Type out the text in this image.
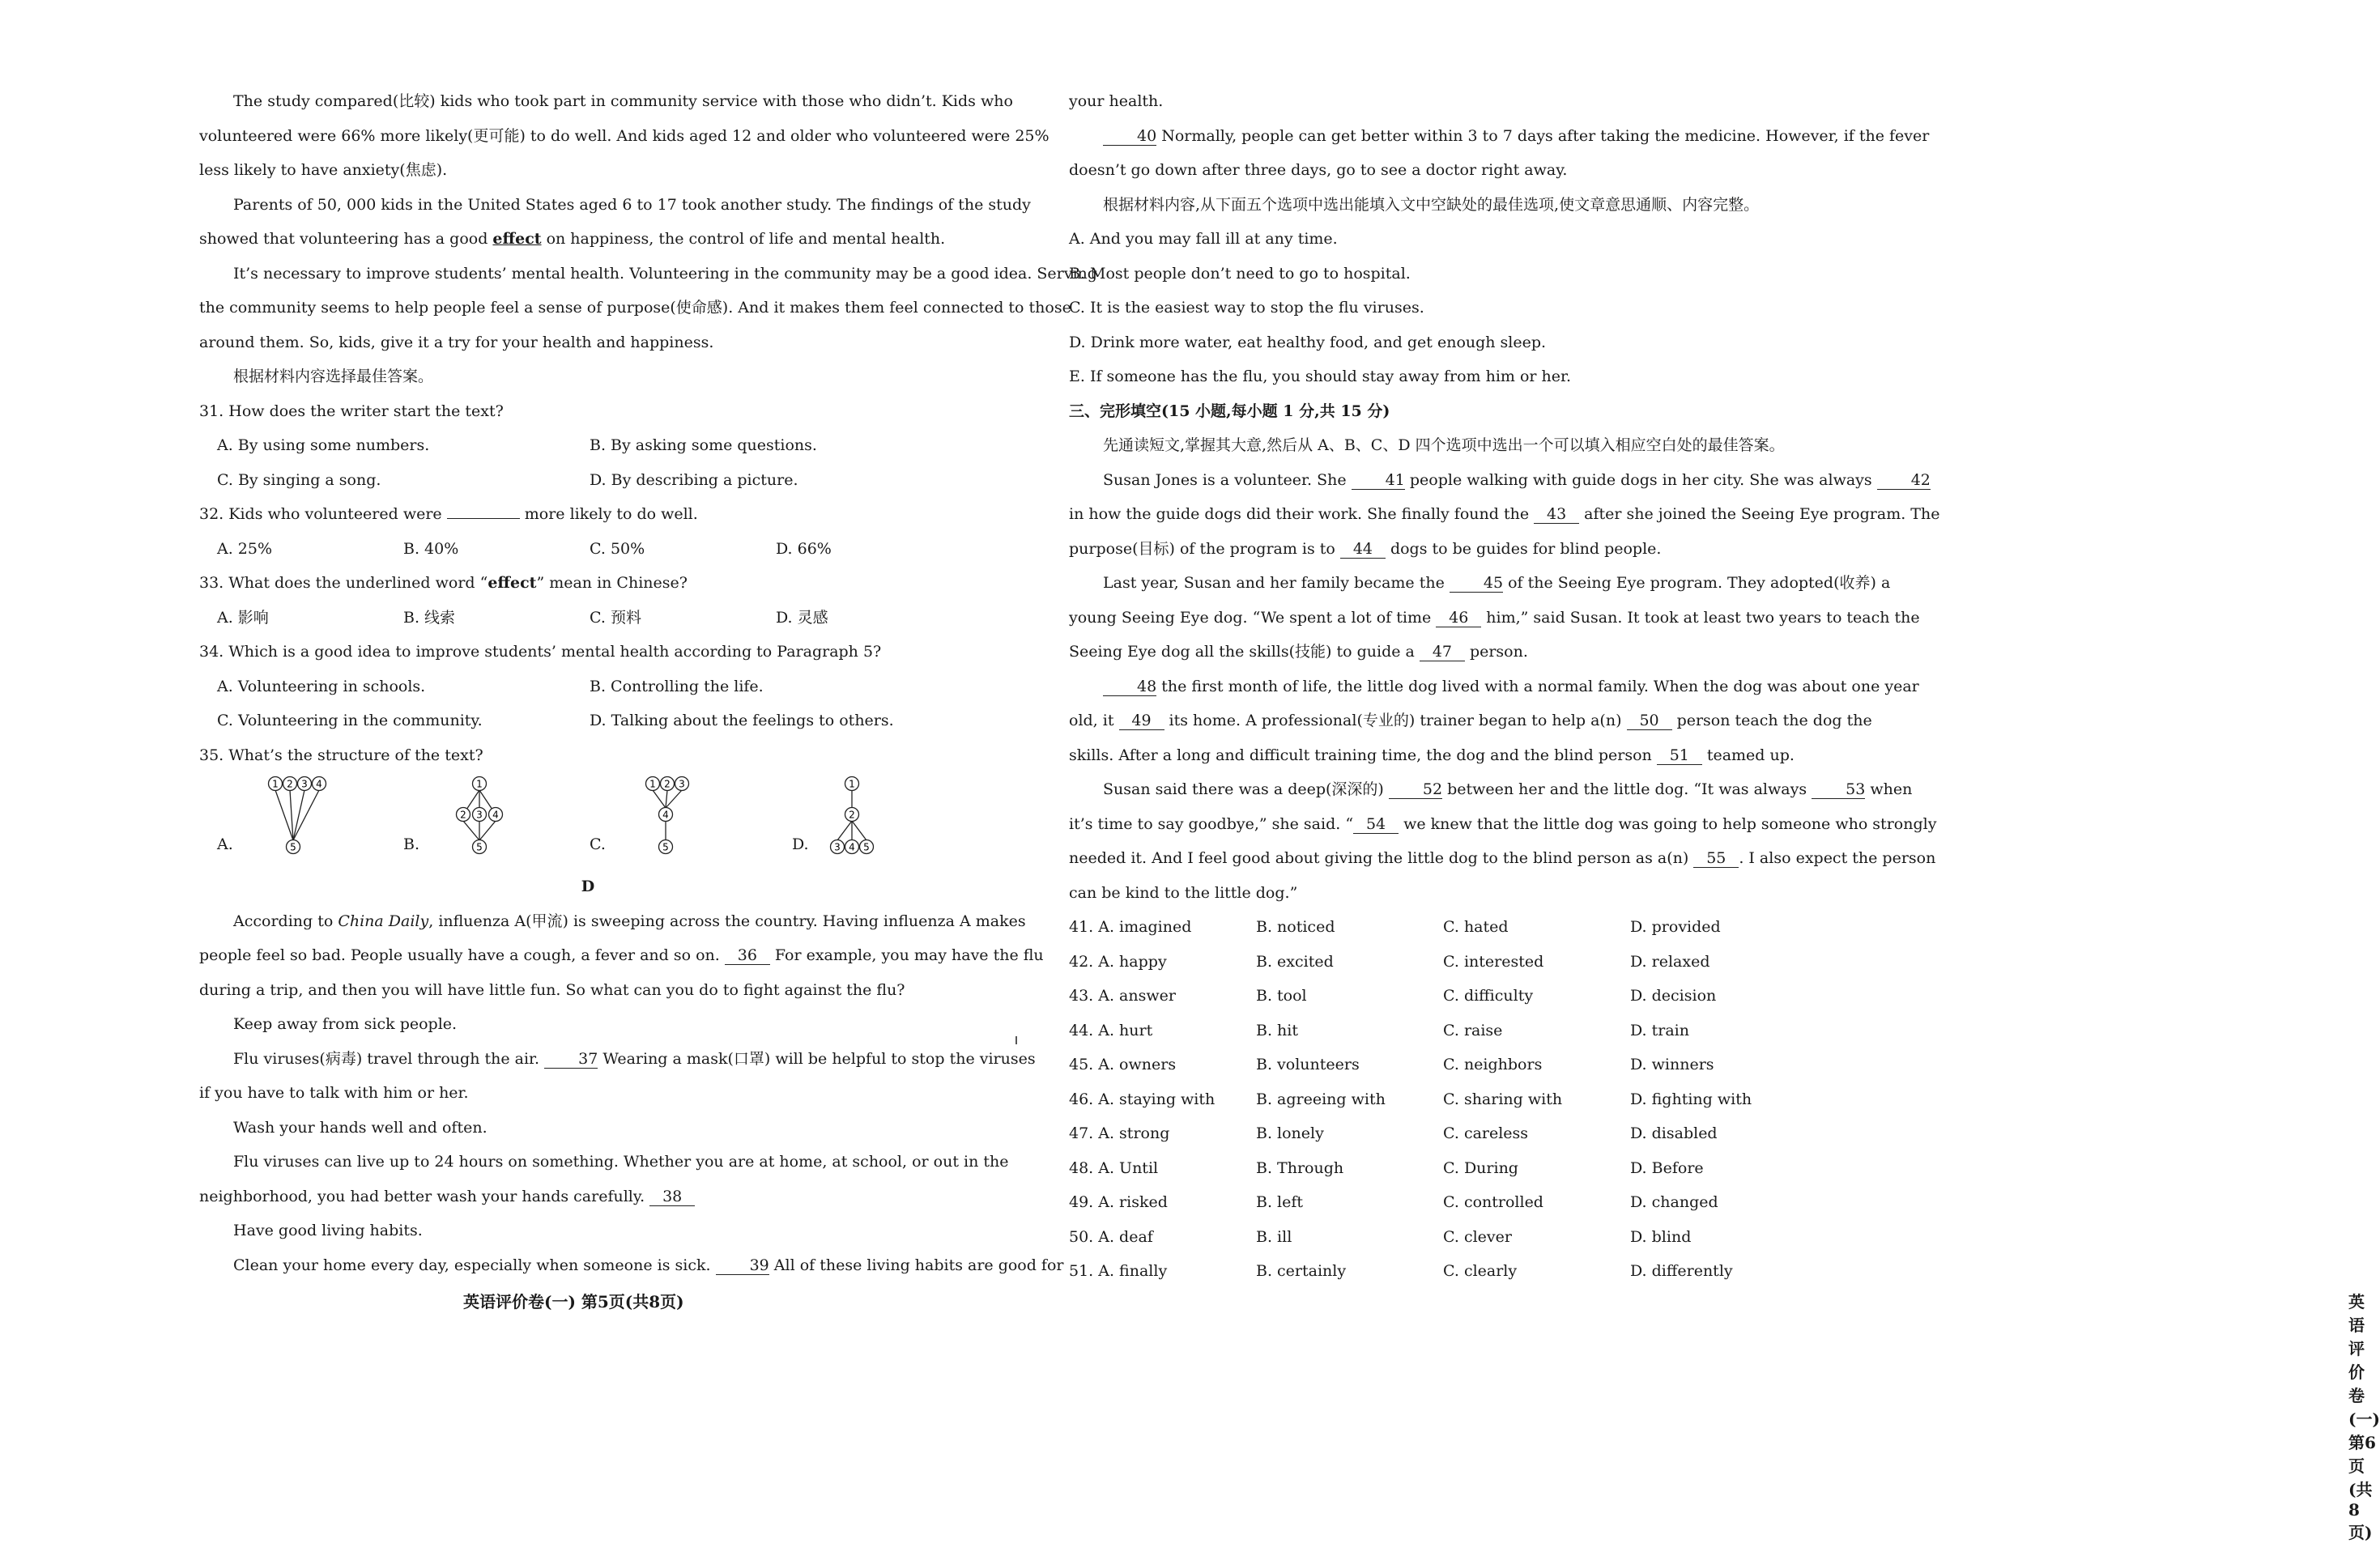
The study compared(比较) kids who took part in community service with those who didn’t. Kids who
volunteered were 66% more likely(更可能) to do well. And kids aged 12 and older who volunteered were 25%
less likely to have anxiety(焦虑).
Parents of 50, 000 kids in the United States aged 6 to 17 took another study. The findings of the study
showed that volunteering has a good effect on happiness, the control of life and mental health.
It’s necessary to improve students’ mental health. Volunteering in the community may be a good idea. Serving
the community seems to help people feel a sense of purpose(使命感). And it makes them feel connected to those
around them. So, kids, give it a try for your health and happiness.
根据材料内容选择最佳答案。
31. How does the writer start the text?
A. By using some numbers.	B. By asking some questions.
C. By singing a song.	D. By describing a picture.
32. Kids who volunteered were	more likely to do well.
A. 25%	B. 40%	C. 50%	D. 66%
33. What does the underlined word “effect” mean in Chinese?
A. 影响	B. 线索	C. 预料	D. 灵感
34. Which is a good idea to improve students’ mental health according to Paragraph 5?
A. Volunteering in schools.	B. Controlling the life.
C. Volunteering in the community.	D. Talking about the feelings to others.
35. What’s the structure of the text?
A.
1 2 3 4
5	B.
1
2 3 4
5	C.
1 2 3
4
5	D.
1
2
3 4 5
D
According to China Daily, influenza A(甲流) is sweeping across the country. Having influenza A makes
people feel so bad. People usually have a cough, a fever and so on. 36 For example, you may have the flu
during a trip, and then you will have little fun. So what can you do to fight against the flu?
Keep away from sick people.
Flu viruses(病毒) travel through the air. 37 Wearing a mask(口罩) will be helpful to stop the viruses
if you have to talk with him or her.
Wash your hands well and often.
Flu viruses can live up to 24 hours on something. Whether you are at home, at school, or out in the
neighborhood, you had better wash your hands carefully. 38
Have good living habits.
Clean your home every day, especially when someone is sick. 39 All of these living habits are good for
英语评价卷(一) 第5页(共8页)
your health.
40 Normally, people can get better within 3 to 7 days after taking the medicine. However, if the fever
doesn’t go down after three days, go to see a doctor right away.
根据材料内容,从下面五个选项中选出能填入文中空缺处的最佳选项,使文章意思通顺、内容完整。
A. And you may fall ill at any time.
B. Most people don’t need to go to hospital.
C. It is the easiest way to stop the flu viruses.
D. Drink more water, eat healthy food, and get enough sleep.
E. If someone has the flu, you should stay away from him or her.
三、完形填空(15 小题,每小题 1 分,共 15 分)
先通读短文,掌握其大意,然后从 A、B、C、D 四个选项中选出一个可以填入相应空白处的最佳答案。
Susan Jones is a volunteer. She 41 people walking with guide dogs in her city. She was always 42
in how the guide dogs did their work. She finally found the 43 after she joined the Seeing Eye program. The
purpose(目标) of the program is to 44 dogs to be guides for blind people.
Last year, Susan and her family became the 45 of the Seeing Eye program. They adopted(收养) a
young Seeing Eye dog. “We spent a lot of time 46 him,” said Susan. It took at least two years to teach the
Seeing Eye dog all the skills(技能) to guide a 47 person.
48 the first month of life, the little dog lived with a normal family. When the dog was about one year
old, it 49 its home. A professional(专业的) trainer began to help a(n) 50 person teach the dog the
skills. After a long and difficult training time, the dog and the blind person 51 teamed up.
Susan said there was a deep(深深的) 52 between her and the little dog. “It was always 53 when
it’s time to say goodbye,” she said. “ 54 we knew that the little dog was going to help someone who strongly
needed it. And I feel good about giving the little dog to the blind person as a(n) 55 . I also expect the person
can be kind to the little dog.”
41. A. imagined	B. noticed	C. hated	D. provided
42. A. happy	B. excited	C. interested	D. relaxed
43. A. answer	B. tool	C. difficulty	D. decision
44. A. hurt	B. hit	C. raise	D. train
45. A. owners	B. volunteers	C. neighbors	D. winners
46. A. staying with	B. agreeing with	C. sharing with	D. fighting with
47. A. strong	B. lonely	C. careless	D. disabled
48. A. Until	B. Through	C. During	D. Before
49. A. risked	B. left	C. controlled	D. changed
50. A. deaf	B. ill	C. clever	D. blind
51. A. finally	B. certainly	C. clearly	D. differently
英语评价卷(一) 第6页(共8页)
